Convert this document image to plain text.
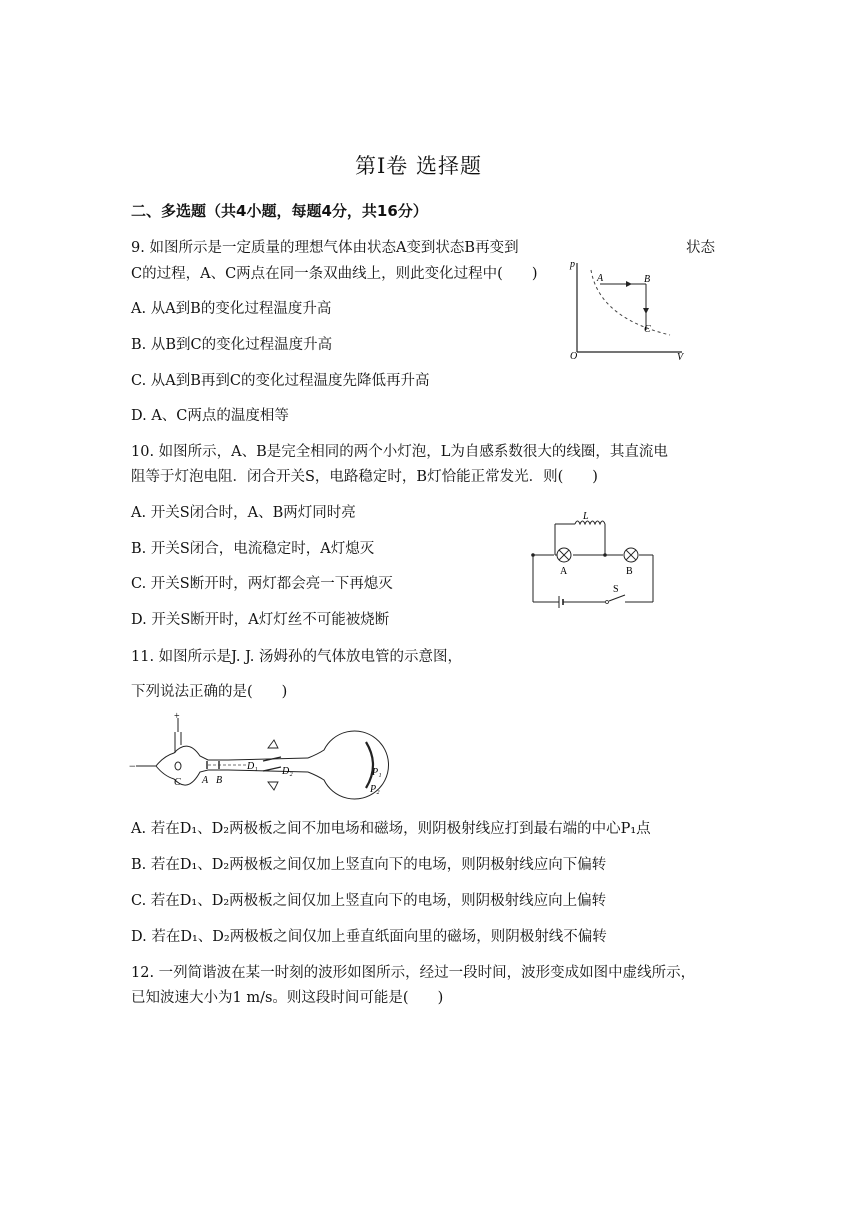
第Ⅰ卷 选择题
二、多选题（共4小题，每题4分，共16分）
9. 如图所示是一定质量的理想气体由状态A变到状态B再变到	状态
C的过程，A、C两点在同一条双曲线上，则此变化过程中(　　)
A. 从A到B的变化过程温度升高
B. 从B到C的变化过程温度升高
C. 从A到B再到C的变化过程温度先降低再升高
D. A、C两点的温度相等
p
V
O
A	B
C
10. 如图所示，A、B是完全相同的两个小灯泡，L为自感系数很大的线圈，其直流电
阻等于灯泡电阻．闭合开关S，电路稳定时，B灯恰能正常发光．则(　　)
A. 开关S闭合时，A、B两灯同时亮
B. 开关S闭合，电流稳定时，A灯熄灭
C. 开关S断开时，两灯都会亮一下再熄灭
D. 开关S断开时，A灯灯丝不可能被烧断
L
A	B
S
11. 如图所示是J. J. 汤姆孙的气体放电管的示意图，
下列说法正确的是(　　)
+
−
C A B
D₁ D₂	P₁
P₂
A. 若在D₁、D₂两极板之间不加电场和磁场，则阴极射线应打到最右端的中心P₁点
B. 若在D₁、D₂两极板之间仅加上竖直向下的电场，则阴极射线应向下偏转
C. 若在D₁、D₂两极板之间仅加上竖直向下的电场，则阴极射线应向上偏转
D. 若在D₁、D₂两极板之间仅加上垂直纸面向里的磁场，则阴极射线不偏转
12. 一列简谐波在某一时刻的波形如图所示，经过一段时间，波形变成如图中虚线所示，
已知波速大小为1 m/s。则这段时间可能是(　　)
